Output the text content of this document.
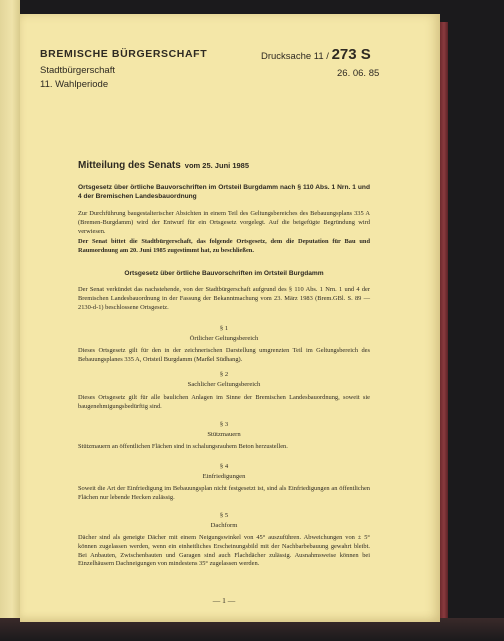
BREMISCHE BÜRGERSCHAFT
Stadtbürgerschaft
11. Wahlperiode
Drucksache 11 / 273 S
26. 06. 85
Mitteilung des Senats vom 25. Juni 1985
Ortsgesetz über örtliche Bauvorschriften im Ortsteil Burgdamm nach § 110 Abs. 1 Nrn. 1 und 4 der Bremischen Landesbauordnung
Zur Durchführung baugestalterischer Absichten in einem Teil des Geltungsbereiches des Bebauungsplans 335 A (Bremen-Burgdamm) wird der Entwurf für ein Ortsgesetz vorgelegt. Auf die beigefügte Begründung wird verwiesen.
Der Senat bittet die Stadtbürgerschaft, das folgende Ortsgesetz, dem die Deputation für Bau und Raumordnung am 20. Juni 1985 zugestimmt hat, zu beschließen.
Ortsgesetz über örtliche Bauvorschriften im Ortsteil Burgdamm
Der Senat verkündet das nachstehende, von der Stadtbürgerschaft aufgrund des § 110 Abs. 1 Nrn. 1 und 4 der Bremischen Landesbauordnung in der Fassung der Bekanntmachung vom 23. März 1983 (Brem.GBl. S. 89 — 2130-d-1) beschlossene Ortsgesetz.
§ 1
Örtlicher Geltungsbereich
Dieses Ortsgesetz gilt für den in der zeichnerischen Darstellung umgrenzten Teil im Geltungsbereich des Bebauungsplanes 335 A, Ortsteil Burgdamm (Marßel Südhang).
§ 2
Sachlicher Geltungsbereich
Dieses Ortsgesetz gilt für alle baulichen Anlagen im Sinne der Bremischen Landesbauordnung, soweit sie baugenehmigungsbedürftig sind.
§ 3
Stützmauern
Stützmauern an öffentlichen Flächen sind in schalungsrauhem Beton herzustellen.
§ 4
Einfriedigungen
Soweit die Art der Einfriedigung im Bebauungsplan nicht festgesetzt ist, sind als Einfriedigungen an öffentlichen Flächen nur lebende Hecken zulässig.
§ 5
Dachform
Dächer sind als geneigte Dächer mit einem Neigungswinkel von 45° auszuführen. Abweichungen von ± 5° können zugelassen werden, wenn ein einheitliches Erscheinungsbild mit der Nachbarbebauung gewahrt bleibt. Bei Anbauten, Zwischenbauten und Garagen sind auch Flachdächer zulässig. Ausnahmsweise können bei Einzelhäusern Dachneigungen von mindestens 35° zugelassen werden.
— 1 —
